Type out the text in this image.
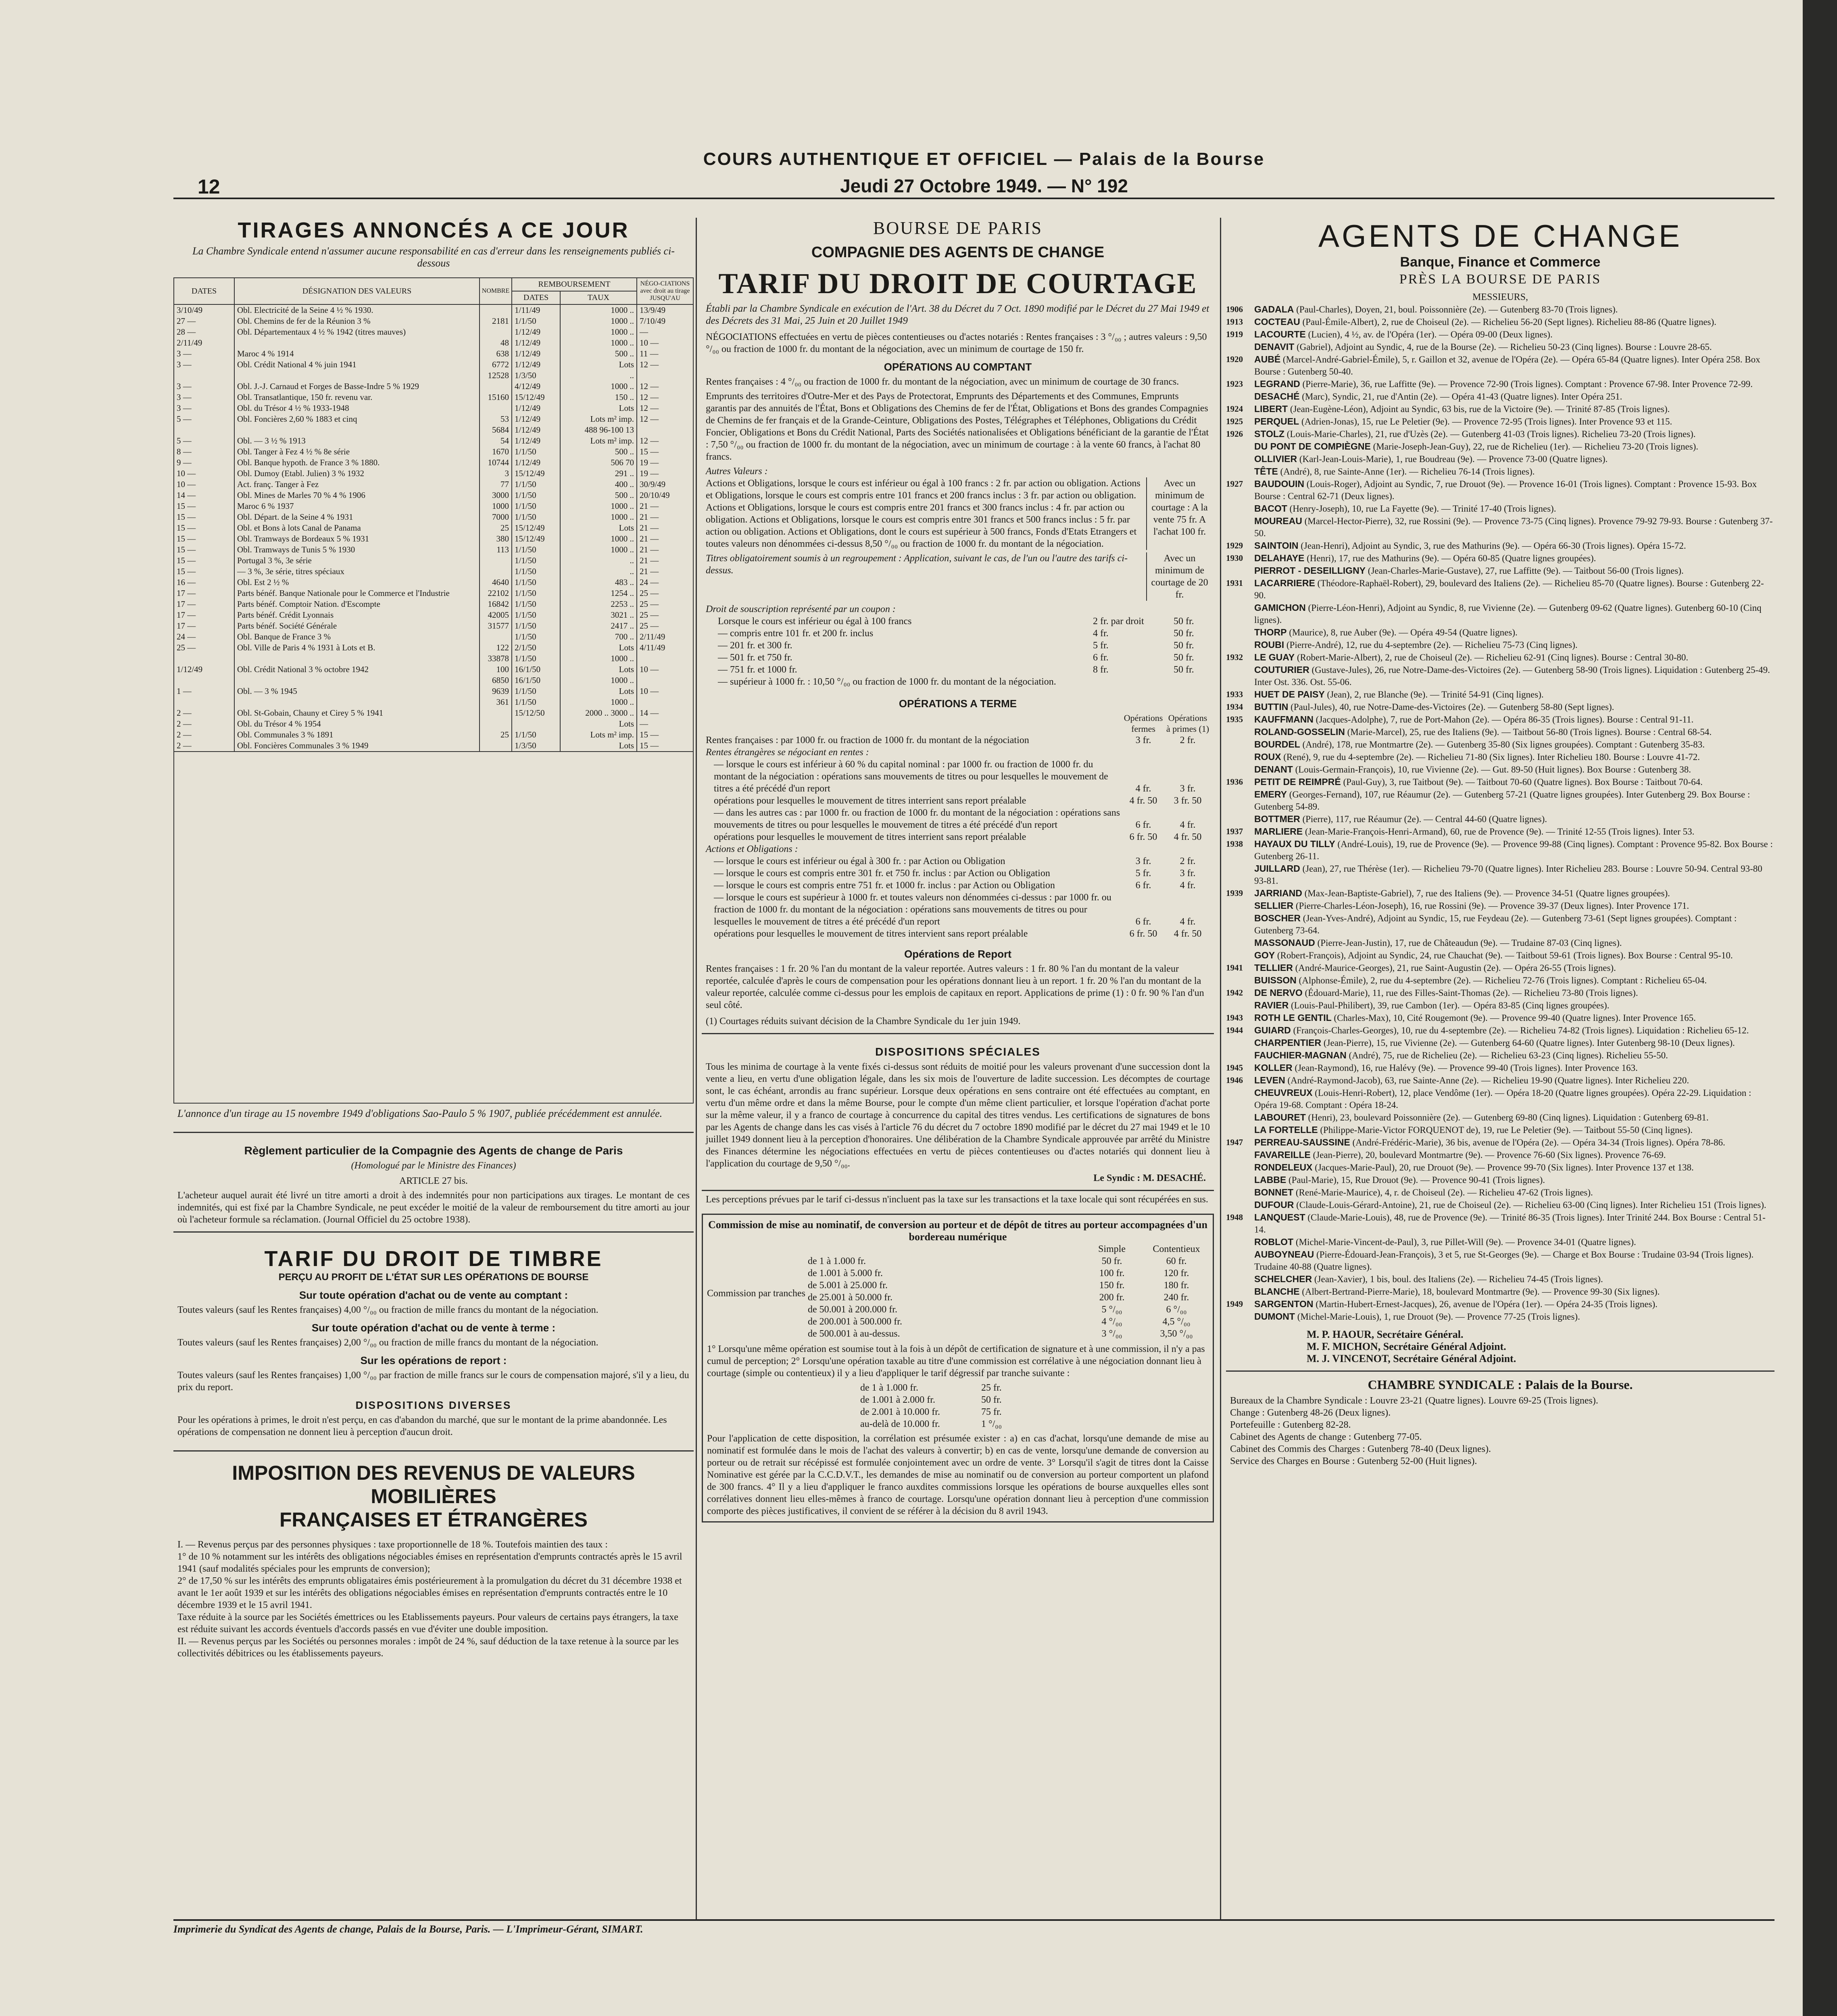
COURS AUTHENTIQUE ET OFFICIEL — Palais de la Bourse
12	Jeudi 27 Octobre 1949. — N° 192
TIRAGES ANNONCÉS A CE JOUR
La Chambre Syndicale entend n'assumer aucune responsabilité en cas d'erreur dans les renseignements publiés ci-dessous
DATES	DÉSIGNATION DES VALEURS	NOMBRE	REMBOURSEMENT		NÉGO-CIATIONS avec droit au tirage JUSQU'AU
			DATES	TAUX	
3/10/49	Obl. Electricité de la Seine 4 ½ % 1930.		1/11/49	1000 ..	13/9/49
27 —	Obl. Chemins de fer de la Réunion 3 %	2181	1/1/50	1000 ..	7/10/49
28 —	Obl. Départementaux 4 ½ % 1942 (titres mauves)		1/12/49	1000 ..	—
2/11/49		48	1/12/49	1000 ..	10 —
3 —	Maroc 4 % 1914	638	1/12/49	500 ..	11 —
3 —	Obl. Crédit National 4 % juin 1941	6772	1/12/49	Lots	12 —
		12528	1/3/50	..	
3 —	Obl. J.-J. Carnaud et Forges de Basse-Indre 5 % 1929		4/12/49	1000 ..	12 —
3 —	Obl. Transatlantique, 150 fr. revenu var.	15160	15/12/49	150 ..	12 —
3 —	Obl. du Trésor 4 ½ % 1933-1948		1/12/49	Lots	12 —
5 —	Obl. Foncières 2,60 % 1883 et cinq	53	1/12/49	Lots m² imp.	12 —
		5684	1/12/49	488 96-100 13	
5 —	Obl. — 3 ½ % 1913	54	1/12/49	Lots m² imp.	12 —
8 —	Obl. Tanger à Fez 4 ½ % 8e série	1670	1/1/50	500 ..	15 —
9 —	Obl. Banque hypoth. de France 3 % 1880.	10744	1/12/49	506 70	19 —
10 —	Obl. Dumoy (Etabl. Julien) 3 % 1932	3	15/12/49	291 ..	19 —
10 —	Act. franç. Tanger à Fez	77	1/1/50	400 ..	30/9/49
14 —	Obl. Mines de Marles 70 % 4 % 1906	3000	1/1/50	500 ..	20/10/49
15 —	Maroc 6 % 1937	1000	1/1/50	1000 ..	21 —
15 —	Obl. Départ. de la Seine 4 % 1931	7000	1/1/50	1000 ..	21 —
15 —	Obl. et Bons à lots Canal de Panama	25	15/12/49	Lots	21 —
15 —	Obl. Tramways de Bordeaux 5 % 1931	380	15/12/49	1000 ..	21 —
15 —	Obl. Tramways de Tunis 5 % 1930	113	1/1/50	1000 ..	21 —
15 —	Portugal 3 %, 3e série		1/1/50	..	21 —
15 —	— 3 %, 3e série, titres spéciaux		1/1/50	..	21 —
16 —	Obl. Est 2 ½ %	4640	1/1/50	483 ..	24 —
17 —	Parts bénéf. Banque Nationale pour le Commerce et l'Industrie	22102	1/1/50	1254 ..	25 —
17 —	Parts bénéf. Comptoir Nation. d'Escompte	16842	1/1/50	2253 ..	25 —
17 —	Parts bénéf. Crédit Lyonnais	42005	1/1/50	3021 ..	25 —
17 —	Parts bénéf. Société Générale	31577	1/1/50	2417 ..	25 —
24 —	Obl. Banque de France 3 %		1/1/50	700 ..	2/11/49
25 —	Obl. Ville de Paris 4 % 1931 à Lots et B.	122	2/1/50	Lots	4/11/49
		33878	1/1/50	1000 ..	
1/12/49	Obl. Crédit National 3 % octobre 1942	100	16/1/50	Lots	10 —
		6850	16/1/50	1000 ..	
1 —	Obl. — 3 % 1945	9639	1/1/50	Lots	10 —
		361	1/1/50	1000 ..	
2 —	Obl. St-Gobain, Chauny et Cirey 5 % 1941		15/12/50	2000 .. 3000 ..	14 —
2 —	Obl. du Trésor 4 % 1954			Lots	—
2 —	Obl. Communales 3 % 1891	25	1/1/50	Lots m² imp.	15 —
2 —	Obl. Foncières Communales 3 % 1949		1/3/50	Lots	15 —
L'annonce d'un tirage au 15 novembre 1949 d'obligations Sao-Paulo 5 % 1907, publiée précédemment est annulée.
Règlement particulier de la Compagnie des Agents de change de Paris
(Homologué par le Ministre des Finances)
ARTICLE 27 bis.
L'acheteur auquel aurait été livré un titre amorti a droit à des indemnités pour non participations aux tirages. Le montant de ces indemnités, qui est fixé par la Chambre Syndicale, ne peut excéder le moitié de la valeur de remboursement du titre amorti au jour où l'acheteur formule sa réclamation. (Journal Officiel du 25 octobre 1938).
TARIF DU DROIT DE TIMBRE
PERÇU AU PROFIT DE L'ÉTAT SUR LES OPÉRATIONS DE BOURSE
Sur toute opération d'achat ou de vente au comptant :
Toutes valeurs (sauf les Rentes françaises) 4,00 °/₀₀ ou fraction de mille francs du montant de la négociation.
Sur toute opération d'achat ou de vente à terme :
Toutes valeurs (sauf les Rentes françaises) 2,00 °/₀₀ ou fraction de mille francs du montant de la négociation.
Sur les opérations de report :
Toutes valeurs (sauf les Rentes françaises) 1,00 °/₀₀ par fraction de mille francs sur le cours de compensation majoré, s'il y a lieu, du prix du report.
DISPOSITIONS DIVERSES
Pour les opérations à primes, le droit n'est perçu, en cas d'abandon du marché, que sur le montant de la prime abandonnée. Les opérations de compensation ne donnent lieu à perception d'aucun droit.
IMPOSITION DES REVENUS DE VALEURS MOBILIÈRES
FRANÇAISES ET ÉTRANGÈRES
I. — Revenus perçus par des personnes physiques : taxe proportionnelle de 18 %. Toutefois maintien des taux :
1° de 10 % notamment sur les intérêts des obligations négociables émises en représentation d'emprunts contractés après le 15 avril 1941 (sauf modalités spéciales pour les emprunts de conversion);
2° de 17,50 % sur les intérêts des emprunts obligataires émis postérieurement à la promulgation du décret du 31 décembre 1938 et avant le 1er août 1939 et sur les intérêts des obligations négociables émises en représentation d'emprunts contractés entre le 10 décembre 1939 et le 15 avril 1941.
Taxe réduite à la source par les Sociétés émettrices ou les Etablissements payeurs. Pour valeurs de certains pays étrangers, la taxe est réduite suivant les accords éventuels d'accords passés en vue d'éviter une double imposition.
II. — Revenus perçus par les Sociétés ou personnes morales : impôt de 24 %, sauf déduction de la taxe retenue à la source par les collectivités débitrices ou les établissements payeurs.
BOURSE DE PARIS
COMPAGNIE DES AGENTS DE CHANGE
TARIF DU DROIT DE COURTAGE
Établi par la Chambre Syndicale en exécution de l'Art. 38 du Décret du 7 Oct. 1890 modifié par le Décret du 27 Mai 1949 et des Décrets des 31 Mai, 25 Juin et 20 Juillet 1949
NÉGOCIATIONS effectuées en vertu de pièces contentieuses ou d'actes notariés : Rentes françaises : 3 °/₀₀ ; autres valeurs : 9,50 °/₀₀ ou fraction de 1000 fr. du montant de la négociation, avec un minimum de courtage de 150 fr.
OPÉRATIONS AU COMPTANT
Rentes françaises : 4 °/₀₀ ou fraction de 1000 fr. du montant de la négociation, avec un minimum de courtage de 30 francs.
Emprunts des territoires d'Outre-Mer et des Pays de Protectorat, Emprunts des Départements et des Communes, Emprunts garantis par des annuités de l'État, Bons et Obligations des Chemins de fer de l'État, Obligations et Bons des grandes Compagnies de Chemins de fer français et de la Grande-Ceinture, Obligations des Postes, Télégraphes et Téléphones, Obligations du Crédit Foncier, Obligations et Bons du Crédit National, Parts des Sociétés nationalisées et Obligations bénéficiant de la garantie de l'État : 7,50 °/₀₀ ou fraction de 1000 fr. du montant de la négociation, avec un minimum de courtage : à la vente 60 francs, à l'achat 80 francs.
Autres Valeurs :
Actions et Obligations, lorsque le cours est inférieur ou égal à 100 francs : 2 fr. par action ou obligation. Actions et Obligations, lorsque le cours est compris entre 101 francs et 200 francs inclus : 3 fr. par action ou obligation. Actions et Obligations, lorsque le cours est compris entre 201 francs et 300 francs inclus : 4 fr. par action ou obligation. Actions et Obligations, lorsque le cours est compris entre 301 francs et 500 francs inclus : 5 fr. par action ou obligation. Actions et Obligations, dont le cours est supérieur à 500 francs, Fonds d'Etats Etrangers et toutes valeurs non dénommées ci-dessus 8,50 °/₀₀ ou fraction de 1000 fr. du montant de la négociation.
Avec un minimum de courtage : A la vente 75 fr. A l'achat 100 fr.
Titres obligatoirement soumis à un regroupement : Application, suivant le cas, de l'un ou l'autre des tarifs ci-dessus.
Avec un minimum de courtage de 20 fr.
Droit de souscription représenté par un coupon :
Lorsque le cours est inférieur ou égal à 100 francs	2 fr. par droit	50 fr.
— compris entre 101 fr. et 200 fr. inclus	4 fr.	50 fr.
— 201 fr. et 300 fr.	5 fr.	50 fr.
— 501 fr. et 750 fr.	6 fr.	50 fr.
— 751 fr. et 1000 fr.	8 fr.	50 fr.
— supérieur à 1000 fr. : 10,50 °/₀₀ ou fraction de 1000 fr. du montant de la négociation.
OPÉRATIONS A TERME
Opérations fermes
Opérations à primes (1)
Rentes françaises : par 1000 fr. ou fraction de 1000 fr. du montant de la négociation	3 fr.	2 fr.
Rentes étrangères se négociant en rentes :
— lorsque le cours est inférieur à 60 % du capital nominal : par 1000 fr. ou fraction de 1000 fr. du montant de la négociation : opérations sans mouvements de titres ou pour lesquelles le mouvement de titres a été précédé d'un report	4 fr.	3 fr.
opérations pour lesquelles le mouvement de titres interrient sans report préalable	4 fr. 50	3 fr. 50
— dans les autres cas : par 1000 fr. ou fraction de 1000 fr. du montant de la négociation : opérations sans mouvements de titres ou pour lesquelles le mouvement de titres a été précédé d'un report	6 fr.	4 fr.
opérations pour lesquelles le mouvement de titres interrient sans report préalable	6 fr. 50	4 fr. 50
Actions et Obligations :
— lorsque le cours est inférieur ou égal à 300 fr. : par Action ou Obligation	3 fr.	2 fr.
— lorsque le cours est compris entre 301 fr. et 750 fr. inclus : par Action ou Obligation	5 fr.	3 fr.
— lorsque le cours est compris entre 751 fr. et 1000 fr. inclus : par Action ou Obligation	6 fr.	4 fr.
— lorsque le cours est supérieur à 1000 fr. et toutes valeurs non dénommées ci-dessus : par 1000 fr. ou fraction de 1000 fr. du montant de la négociation : opérations sans mouvements de titres ou pour lesquelles le mouvement de titres a été précédé d'un report	6 fr.	4 fr.
opérations pour lesquelles le mouvement de titres intervient sans report préalable	6 fr. 50	4 fr. 50
Opérations de Report
Rentes françaises : 1 fr. 20 % l'an du montant de la valeur reportée. Autres valeurs : 1 fr. 80 % l'an du montant de la valeur reportée, calculée d'après le cours de compensation pour les opérations donnant lieu à un report. 1 fr. 20 % l'an du montant de la valeur reportée, calculée comme ci-dessus pour les emplois de capitaux en report. Applications de prime (1) : 0 fr. 90 % l'an d'un seul côté.
(1) Courtages réduits suivant décision de la Chambre Syndicale du 1er juin 1949.
DISPOSITIONS SPÉCIALES
Tous les minima de courtage à la vente fixés ci-dessus sont réduits de moitié pour les valeurs provenant d'une succession dont la vente a lieu, en vertu d'une obligation légale, dans les six mois de l'ouverture de ladite succession. Les décomptes de courtage sont, le cas échéant, arrondis au franc supérieur. Lorsque deux opérations en sens contraire ont été effectuées au comptant, en vertu d'un même ordre et dans la même Bourse, pour le compte d'un même client particulier, et lorsque l'opération d'achat porte sur la même valeur, il y a franco de courtage à concurrence du capital des titres vendus. Les certifications de signatures de bons par les Agents de change dans les cas visés à l'article 76 du décret du 7 octobre 1890 modifié par le décret du 27 mai 1949 et le 10 juillet 1949 donnent lieu à la perception d'honoraires. Une délibération de la Chambre Syndicale approuvée par arrêté du Ministre des Finances détermine les négociations effectuées en vertu de pièces contentieuses ou d'actes notariés qui donnent lieu à l'application du courtage de 9,50 °/₀₀.
Le Syndic : M. DESACHÉ.
Les perceptions prévues par le tarif ci-dessus n'incluent pas la taxe sur les transactions et la taxe locale qui sont récupérées en sus.
Commission de mise au nominatif, de conversion au porteur et de dépôt de titres au porteur accompagnées d'un bordereau numérique
Simple	Contentieux
Commission par tranches
de 1 à 1.000 fr.	50 fr.	60 fr.
de 1.001 à 5.000 fr.	100 fr.	120 fr.
de 5.001 à 25.000 fr.	150 fr.	180 fr.
de 25.001 à 50.000 fr.	200 fr.	240 fr.
de 50.001 à 200.000 fr.	5 °/₀₀	6 °/₀₀
de 200.001 à 500.000 fr.	4 °/₀₀	4,5 °/₀₀
de 500.001 à au-dessus.	3 °/₀₀	3,50 °/₀₀
1° Lorsqu'une même opération est soumise tout à la fois à un dépôt de certification de signature et à une commission, il n'y a pas cumul de perception; 2° Lorsqu'une opération taxable au titre d'une commission est corrélative à une négociation donnant lieu à courtage (simple ou contentieux) il y a lieu d'appliquer le tarif dégressif par tranche suivante :
de 1 à 1.000 fr.	25 fr.
de 1.001 à 2.000 fr.	50 fr.
de 2.001 à 10.000 fr.	75 fr.
au-delà de 10.000 fr.	1 °/₀₀
Pour l'application de cette disposition, la corrélation est présumée exister : a) en cas d'achat, lorsqu'une demande de mise au nominatif est formulée dans le mois de l'achat des valeurs à convertir; b) en cas de vente, lorsqu'une demande de conversion au porteur ou de retrait sur récépissé est formulée conjointement avec un ordre de vente. 3° Lorsqu'il s'agit de titres dont la Caisse Nominative est gérée par la C.C.D.V.T., les demandes de mise au nominatif ou de conversion au porteur comportent un plafond de 300 francs. 4° Il y a lieu d'appliquer le franco auxdites commissions lorsque les opérations de bourse auxquelles elles sont corrélatives donnent lieu elles-mêmes à franco de courtage. Lorsqu'une opération donnant lieu à perception d'une commission comporte des pièces justificatives, il convient de se référer à la décision du 8 avril 1943.
AGENTS DE CHANGE
Banque, Finance et Commerce
PRÈS LA BOURSE DE PARIS
MESSIEURS,
1906	GADALA (Paul-Charles), Doyen, 21, boul. Poissonnière (2e). — Gutenberg 83-70 (Trois lignes).
1913	COCTEAU (Paul-Émile-Albert), 2, rue de Choiseul (2e). — Richelieu 56-20 (Sept lignes). Richelieu 88-86 (Quatre lignes).
1919	LACOURTE (Lucien), 4 ½, av. de l'Opéra (1er). — Opéra 09-00 (Deux lignes).
DENAVIT (Gabriel), Adjoint au Syndic, 4, rue de la Bourse (2e). — Richelieu 50-23 (Cinq lignes). Bourse : Louvre 28-65.
1920	AUBÉ (Marcel-André-Gabriel-Émile), 5, r. Gaillon et 32, avenue de l'Opéra (2e). — Opéra 65-84 (Quatre lignes). Inter Opéra 258. Box Bourse : Gutenberg 50-40.
1923	LEGRAND (Pierre-Marie), 36, rue Laffitte (9e). — Provence 72-90 (Trois lignes). Comptant : Provence 67-98. Inter Provence 72-99.
DESACHÉ (Marc), Syndic, 21, rue d'Antin (2e). — Opéra 41-43 (Quatre lignes). Inter Opéra 251.
1924	LIBERT (Jean-Eugène-Léon), Adjoint au Syndic, 63 bis, rue de la Victoire (9e). — Trinité 87-85 (Trois lignes).
1925	PERQUEL (Adrien-Jonas), 15, rue Le Peletier (9e). — Provence 72-95 (Trois lignes). Inter Provence 93 et 115.
1926	STOLZ (Louis-Marie-Charles), 21, rue d'Uzès (2e). — Gutenberg 41-03 (Trois lignes). Richelieu 73-20 (Trois lignes).
DU PONT DE COMPIÈGNE (Marie-Joseph-Jean-Guy), 22, rue de Richelieu (1er). — Richelieu 73-20 (Trois lignes).
OLLIVIER (Karl-Jean-Louis-Marie), 1, rue Boudreau (9e). — Provence 73-00 (Quatre lignes).
TÊTE (André), 8, rue Sainte-Anne (1er). — Richelieu 76-14 (Trois lignes).
1927	BAUDOUIN (Louis-Roger), Adjoint au Syndic, 7, rue Drouot (9e). — Provence 16-01 (Trois lignes). Comptant : Provence 15-93. Box Bourse : Central 62-71 (Deux lignes).
BACOT (Henry-Joseph), 10, rue La Fayette (9e). — Trinité 17-40 (Trois lignes).
MOUREAU (Marcel-Hector-Pierre), 32, rue Rossini (9e). — Provence 73-75 (Cinq lignes). Provence 79-92 79-93. Bourse : Gutenberg 37-50.
1929	SAINTOIN (Jean-Henri), Adjoint au Syndic, 3, rue des Mathurins (9e). — Opéra 66-30 (Trois lignes). Opéra 15-72.
1930	DELAHAYE (Henri), 17, rue des Mathurins (9e). — Opéra 60-85 (Quatre lignes groupées).
PIERROT - DESEILLIGNY (Jean-Charles-Marie-Gustave), 27, rue Laffitte (9e). — Taitbout 56-00 (Trois lignes).
1931	LACARRIERE (Théodore-Raphaël-Robert), 29, boulevard des Italiens (2e). — Richelieu 85-70 (Quatre lignes). Bourse : Gutenberg 22-90.
GAMICHON (Pierre-Léon-Henri), Adjoint au Syndic, 8, rue Vivienne (2e). — Gutenberg 09-62 (Quatre lignes). Gutenberg 60-10 (Cinq lignes).
THORP (Maurice), 8, rue Auber (9e). — Opéra 49-54 (Quatre lignes).
ROUBI (Pierre-André), 12, rue du 4-septembre (2e). — Richelieu 75-73 (Cinq lignes).
1932	LE GUAY (Robert-Marie-Albert), 2, rue de Choiseul (2e). — Richelieu 62-91 (Cinq lignes). Bourse : Central 30-80.
COUTURIER (Gustave-Jules), 26, rue Notre-Dame-des-Victoires (2e). — Gutenberg 58-90 (Trois lignes). Liquidation : Gutenberg 25-49. Inter Ost. 336. Ost. 55-06.
1933	HUET DE PAISY (Jean), 2, rue Blanche (9e). — Trinité 54-91 (Cinq lignes).
1934	BUTTIN (Paul-Jules), 40, rue Notre-Dame-des-Victoires (2e). — Gutenberg 58-80 (Sept lignes).
1935	KAUFFMANN (Jacques-Adolphe), 7, rue de Port-Mahon (2e). — Opéra 86-35 (Trois lignes). Bourse : Central 91-11.
ROLAND-GOSSELIN (Marie-Marcel), 25, rue des Italiens (9e). — Taitbout 56-80 (Trois lignes). Bourse : Central 68-54.
BOURDEL (André), 178, rue Montmartre (2e). — Gutenberg 35-80 (Six lignes groupées). Comptant : Gutenberg 35-83.
ROUX (René), 9, rue du 4-septembre (2e). — Richelieu 71-80 (Six lignes). Inter Richelieu 180. Bourse : Louvre 41-72.
DENANT (Louis-Germain-François), 10, rue Vivienne (2e). — Gut. 89-50 (Huit lignes). Box Bourse : Gutenberg 38.
1936	PETIT DE REIMPRÉ (Paul-Guy), 3, rue Taitbout (9e). — Taitbout 70-60 (Quatre lignes). Box Bourse : Taitbout 70-64.
EMERY (Georges-Fernand), 107, rue Réaumur (2e). — Gutenberg 57-21 (Quatre lignes groupées). Inter Gutenberg 29. Box Bourse : Gutenberg 54-89.
BOTTMER (Pierre), 117, rue Réaumur (2e). — Central 44-60 (Quatre lignes).
1937	MARLIERE (Jean-Marie-François-Henri-Armand), 60, rue de Provence (9e). — Trinité 12-55 (Trois lignes). Inter 53.
1938	HAYAUX DU TILLY (André-Louis), 19, rue de Provence (9e). — Provence 99-88 (Cinq lignes). Comptant : Provence 95-82. Box Bourse : Gutenberg 26-11.
JUILLARD (Jean), 27, rue Thérèse (1er). — Richelieu 79-70 (Quatre lignes). Inter Richelieu 283. Bourse : Louvre 50-94. Central 93-80 93-81.
1939	JARRIAND (Max-Jean-Baptiste-Gabriel), 7, rue des Italiens (9e). — Provence 34-51 (Quatre lignes groupées).
SELLIER (Pierre-Charles-Léon-Joseph), 16, rue Rossini (9e). — Provence 39-37 (Deux lignes). Inter Provence 171.
BOSCHER (Jean-Yves-André), Adjoint au Syndic, 15, rue Feydeau (2e). — Gutenberg 73-61 (Sept lignes groupées). Comptant : Gutenberg 73-64.
MASSONAUD (Pierre-Jean-Justin), 17, rue de Châteaudun (9e). — Trudaine 87-03 (Cinq lignes).
GOY (Robert-François), Adjoint au Syndic, 24, rue Chauchat (9e). — Taitbout 59-61 (Trois lignes). Box Bourse : Central 95-10.
1941	TELLIER (André-Maurice-Georges), 21, rue Saint-Augustin (2e). — Opéra 26-55 (Trois lignes).
BUISSON (Alphonse-Émile), 2, rue du 4-septembre (2e). — Richelieu 72-76 (Trois lignes). Comptant : Richelieu 65-04.
1942	DE NERVO (Édouard-Marie), 11, rue des Filles-Saint-Thomas (2e). — Richelieu 73-80 (Trois lignes).
RAVIER (Louis-Paul-Philibert), 39, rue Cambon (1er). — Opéra 83-85 (Cinq lignes groupées).
1943	ROTH LE GENTIL (Charles-Max), 10, Cité Rougemont (9e). — Provence 99-40 (Quatre lignes). Inter Provence 165.
1944	GUIARD (François-Charles-Georges), 10, rue du 4-septembre (2e). — Richelieu 74-82 (Trois lignes). Liquidation : Richelieu 65-12.
CHARPENTIER (Jean-Pierre), 15, rue Vivienne (2e). — Gutenberg 64-60 (Quatre lignes). Inter Gutenberg 98-10 (Deux lignes).
FAUCHIER-MAGNAN (André), 75, rue de Richelieu (2e). — Richelieu 63-23 (Cinq lignes). Richelieu 55-50.
1945	KOLLER (Jean-Raymond), 16, rue Halévy (9e). — Provence 99-40 (Trois lignes). Inter Provence 163.
1946	LEVEN (André-Raymond-Jacob), 63, rue Sainte-Anne (2e). — Richelieu 19-90 (Quatre lignes). Inter Richelieu 220.
CHEUVREUX (Louis-Henri-Robert), 12, place Vendôme (1er). — Opéra 18-20 (Quatre lignes groupées). Opéra 22-29. Liquidation : Opéra 19-68. Comptant : Opéra 18-24.
LABOURET (Henri), 23, boulevard Poissonnière (2e). — Gutenberg 69-80 (Cinq lignes). Liquidation : Gutenberg 69-81.
LA FORTELLE (Philippe-Marie-Victor FORQUENOT de), 19, rue Le Peletier (9e). — Taitbout 55-50 (Cinq lignes).
1947	PERREAU-SAUSSINE (André-Frédéric-Marie), 36 bis, avenue de l'Opéra (2e). — Opéra 34-34 (Trois lignes). Opéra 78-86.
FAVAREILLE (Jean-Pierre), 20, boulevard Montmartre (9e). — Provence 76-60 (Six lignes). Provence 76-69.
RONDELEUX (Jacques-Marie-Paul), 20, rue Drouot (9e). — Provence 99-70 (Six lignes). Inter Provence 137 et 138.
LABBE (Paul-Marie), 15, Rue Drouot (9e). — Provence 90-41 (Trois lignes).
BONNET (René-Marie-Maurice), 4, r. de Choiseul (2e). — Richelieu 47-62 (Trois lignes).
DUFOUR (Claude-Louis-Gérard-Antoine), 21, rue de Choiseul (2e). — Richelieu 63-00 (Cinq lignes). Inter Richelieu 151 (Trois lignes).
1948	LANQUEST (Claude-Marie-Louis), 48, rue de Provence (9e). — Trinité 86-35 (Trois lignes). Inter Trinité 244. Box Bourse : Central 51-14.
ROBLOT (Michel-Marie-Vincent-de-Paul), 3, rue Pillet-Will (9e). — Provence 34-01 (Quatre lignes).
AUBOYNEAU (Pierre-Édouard-Jean-François), 3 et 5, rue St-Georges (9e). — Charge et Box Bourse : Trudaine 03-94 (Trois lignes). Trudaine 40-88 (Quatre lignes).
SCHELCHER (Jean-Xavier), 1 bis, boul. des Italiens (2e). — Richelieu 74-45 (Trois lignes).
BLANCHE (Albert-Bertrand-Pierre-Marie), 18, boulevard Montmartre (9e). — Provence 99-30 (Six lignes).
1949	SARGENTON (Martin-Hubert-Ernest-Jacques), 26, avenue de l'Opéra (1er). — Opéra 24-35 (Trois lignes).
DUMONT (Michel-Marie-Louis), 1, rue Drouot (9e). — Provence 77-25 (Trois lignes).
M. P. HAOUR, Secrétaire Général.
M. F. MICHON, Secrétaire Général Adjoint.
M. J. VINCENOT, Secrétaire Général Adjoint.
CHAMBRE SYNDICALE : Palais de la Bourse.
Bureaux de la Chambre Syndicale : Louvre 23-21 (Quatre lignes). Louvre 69-25 (Trois lignes).
Change : Gutenberg 48-26 (Deux lignes).
Portefeuille : Gutenberg 82-28.
Cabinet des Agents de change : Gutenberg 77-05.
Cabinet des Commis des Charges : Gutenberg 78-40 (Deux lignes).
Service des Charges en Bourse : Gutenberg 52-00 (Huit lignes).
Imprimerie du Syndicat des Agents de change, Palais de la Bourse, Paris. — L'Imprimeur-Gérant, SIMART.
